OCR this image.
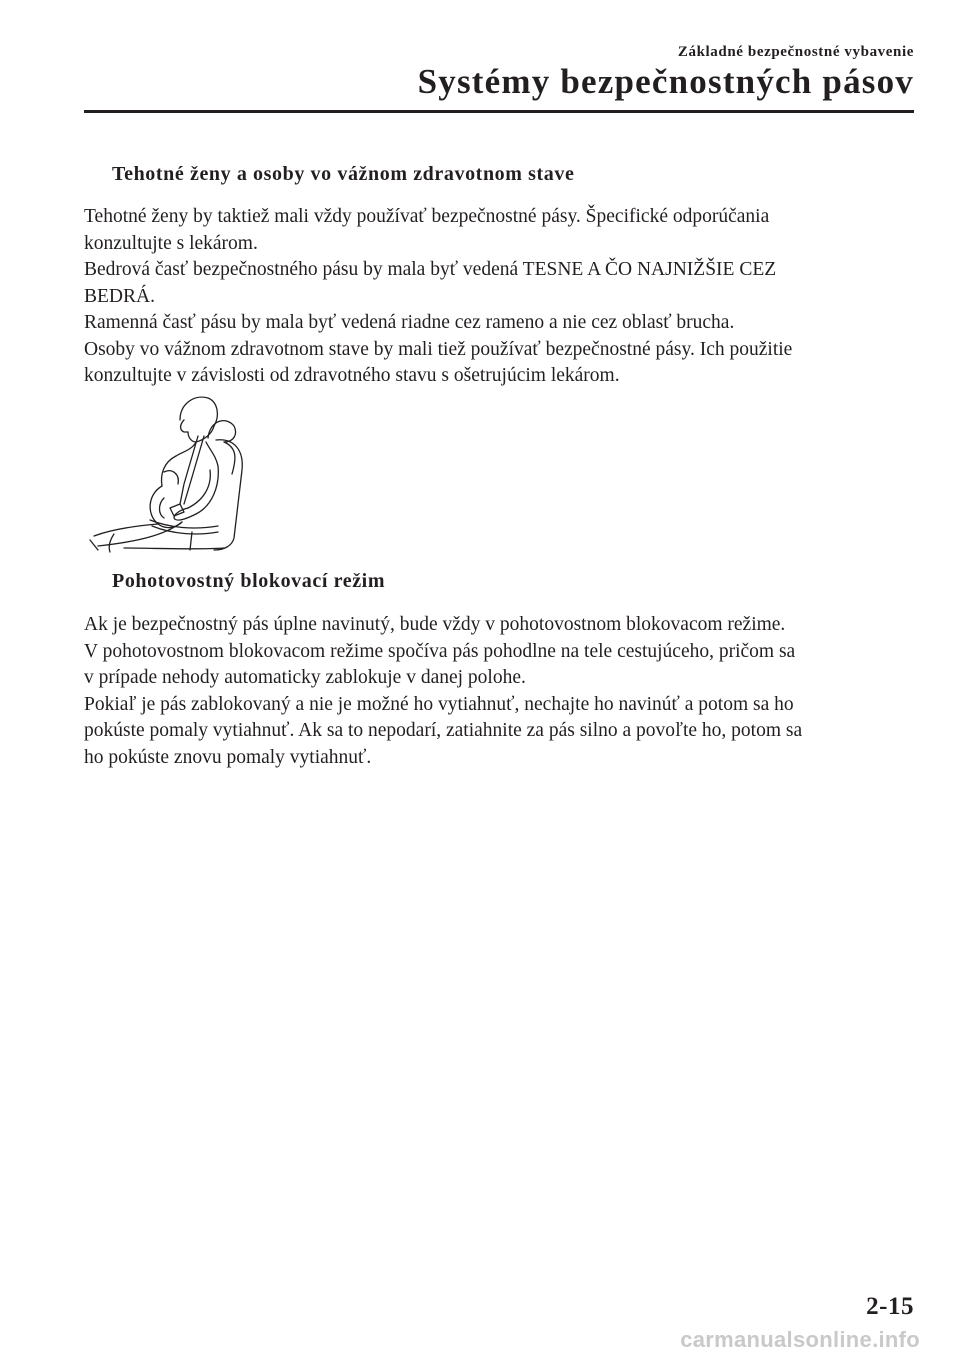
Základné bezpečnostné vybavenie
Systémy bezpečnostných pásov
Tehotné ženy a osoby vo vážnom zdravotnom stave

Tehotné ženy by taktiež mali vždy používať bezpečnostné pásy. Špecifické odporúčania

konzultujte s lekárom.

Bedrová časť bezpečnostného pásu by mala byť vedená TESNE A ČO NAJNIŽŠIE CEZ

BEDRÁ.

Ramenná časť pásu by mala byť vedená riadne cez rameno a nie cez oblasť brucha.

Osoby vo vážnom zdravotnom stave by mali tiež používať bezpečnostné pásy. Ich použitie

konzultujte v závislosti od zdravotného stavu s ošetrujúcim lekárom.

Pohotovostný blokovací režim

Ak je bezpečnostný pás úplne navinutý, bude vždy v pohotovostnom blokovacom režime.

V pohotovostnom blokovacom režime spočíva pás pohodlne na tele cestujúceho, pričom sa

v prípade nehody automaticky zablokuje v danej polohe.

Pokiaľ je pás zablokovaný a nie je možné ho vytiahnuť, nechajte ho navinúť a potom sa ho

pokúste pomaly vytiahnuť. Ak sa to nepodarí, zatiahnite za pás silno a povoľte ho, potom sa

ho pokúste znovu pomaly vytiahnuť.

2-15
carmanualsonline.info
